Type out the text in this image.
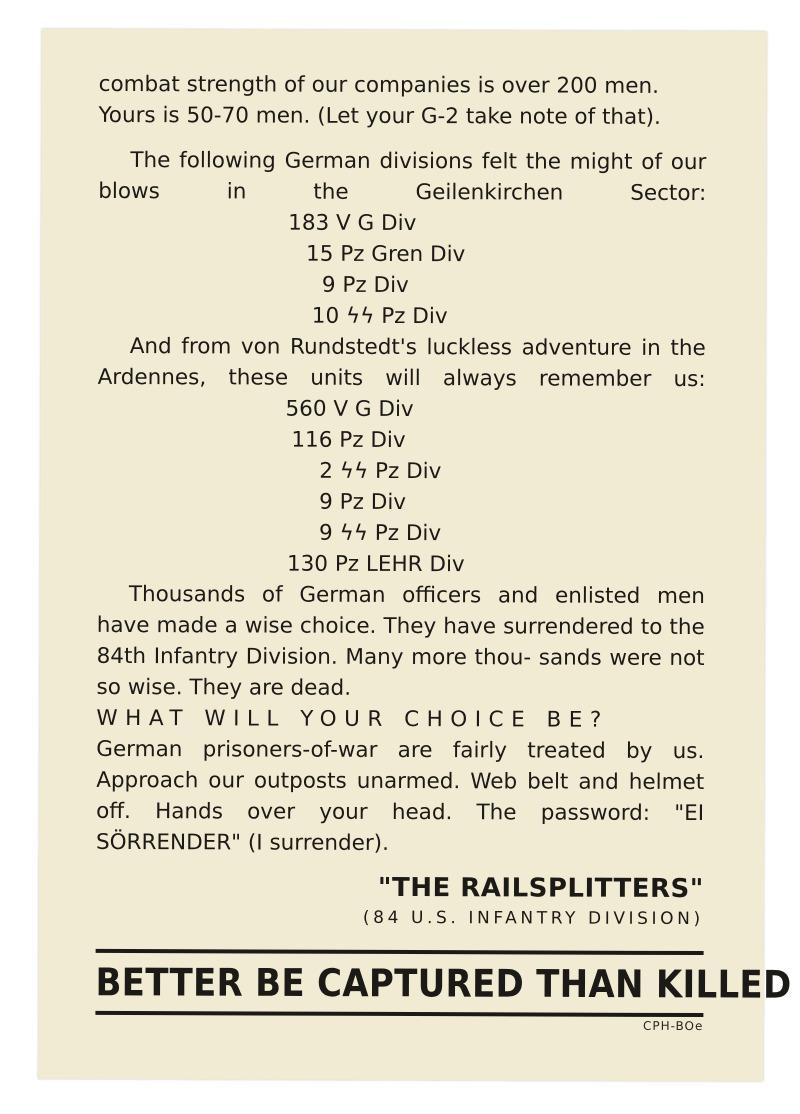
combat strength of our companies is over 200 men.

Yours is 50-70 men. (Let your G-2 take note of that).

The following German divisions felt the might of our blows in the Geilenkirchen Sector:

183 V G Div
15 Pz Gren Div
9 Pz Div
10 ϟϟ Pz Div

And from von Rundstedt's luckless adventure in the Ardennes, these units will always remember us:

560 V G Div
116 Pz Div
2 ϟϟ Pz Div
9 Pz Div
9 ϟϟ Pz Div
130 Pz LEHR Div

Thousands of German officers and enlisted men have made a wise choice. They have surrendered to the 84th Infantry Division. Many more thou- sands were not so wise. They are dead.

WHAT WILL YOUR CHOICE BE?

German prisoners-of-war are fairly treated by us. Approach our outposts unarmed. Web belt and helmet off. Hands over your head. The password: "EI SÖRRENDER" (I surrender).

"THE RAILSPLITTERS"
(84 U.S. INFANTRY DIVISION)
BETTER BE CAPTURED THAN KILLED
CPH-BOe
